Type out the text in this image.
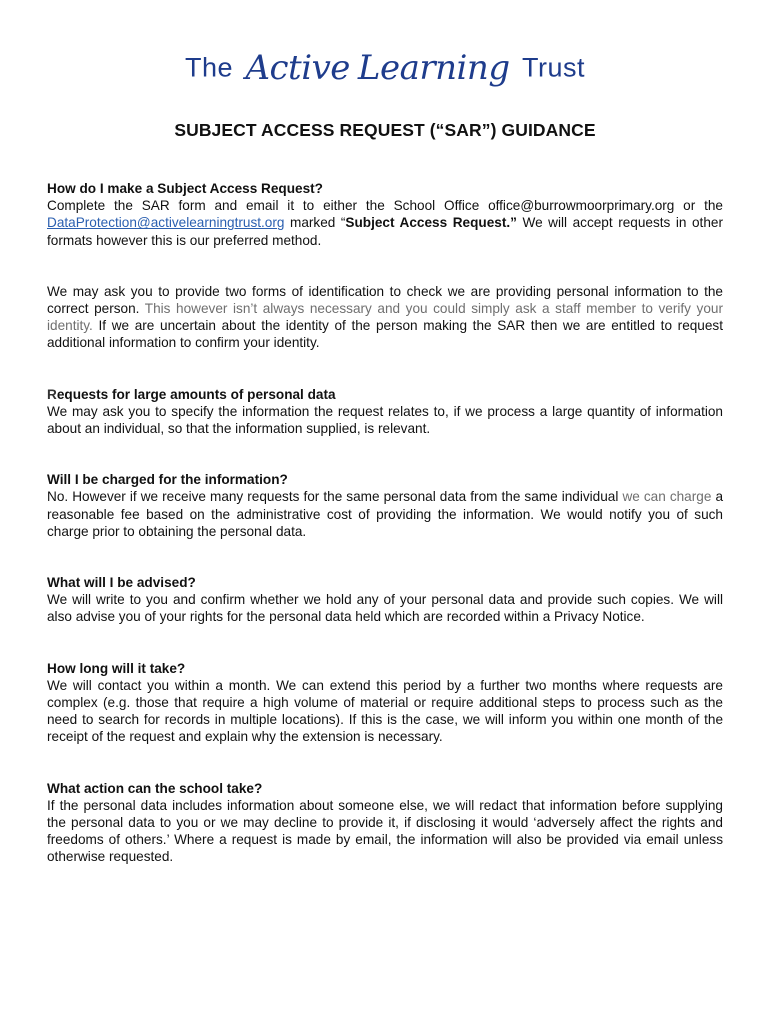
The Active Learning Trust
SUBJECT ACCESS REQUEST (“SAR”) GUIDANCE

How do I make a Subject Access Request?

Complete the SAR form and email it to either the School Office office@burrowmoorprimary.org or the DataProtection@activelearningtrust.org marked “Subject Access Request.” We will accept requests in other formats however this is our preferred method.

We may ask you to provide two forms of identification to check we are providing personal information to the correct person. This however isn’t always necessary and you could simply ask a staff member to verify your identity. If we are uncertain about the identity of the person making the SAR then we are entitled to request additional information to confirm your identity.

Requests for large amounts of personal data

We may ask you to specify the information the request relates to, if we process a large quantity of information about an individual, so that the information supplied, is relevant.

Will I be charged for the information?

No. However if we receive many requests for the same personal data from the same individual we can charge a reasonable fee based on the administrative cost of providing the information. We would notify you of such charge prior to obtaining the personal data.

What will I be advised?

We will write to you and confirm whether we hold any of your personal data and provide such copies. We will also advise you of your rights for the personal data held which are recorded within a Privacy Notice.

How long will it take?

We will contact you within a month. We can extend this period by a further two months where requests are complex (e.g. those that require a high volume of material or require additional steps to process such as the need to search for records in multiple locations). If this is the case, we will inform you within one month of the receipt of the request and explain why the extension is necessary.

What action can the school take?

If the personal data includes information about someone else, we will redact that information before supplying the personal data to you or we may decline to provide it, if disclosing it would ‘adversely affect the rights and freedoms of others.’ Where a request is made by email, the information will also be provided via email unless otherwise requested.
